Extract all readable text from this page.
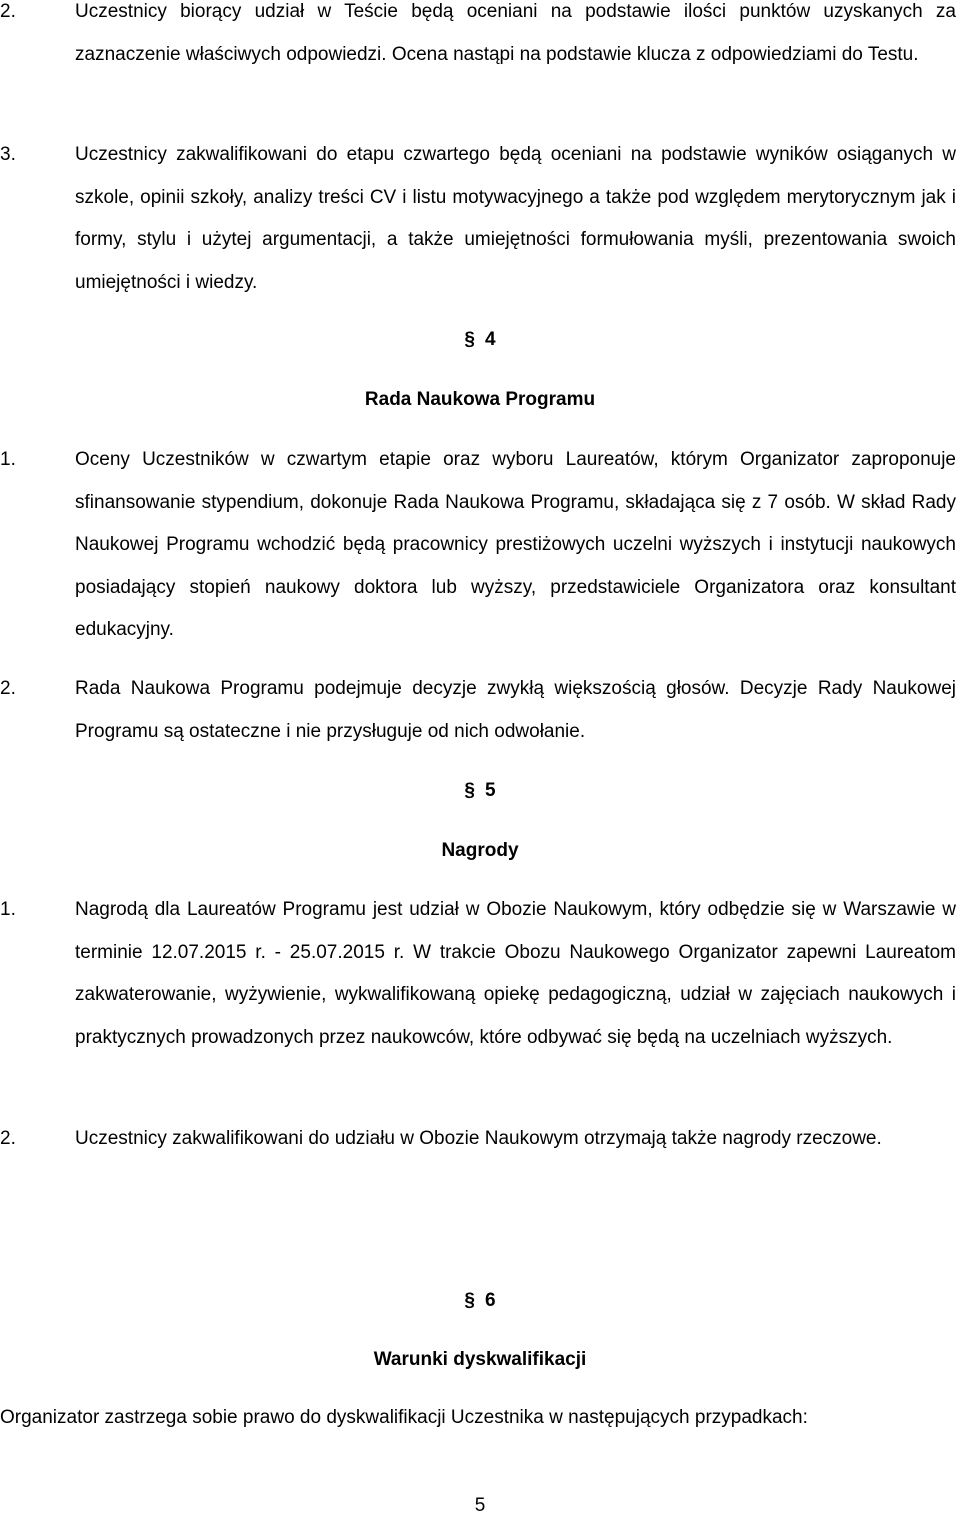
2.	Uczestnicy biorący udział w Teście będą oceniani na podstawie ilości punktów uzyskanych za zaznaczenie właściwych odpowiedzi. Ocena nastąpi na podstawie klucza z odpowiedziami do Testu.
3.	Uczestnicy zakwalifikowani do etapu czwartego będą oceniani na podstawie wyników osiąganych w szkole, opinii szkoły, analizy treści CV i listu motywacyjnego a także pod względem merytorycznym jak i formy, stylu i użytej argumentacji, a także umiejętności formułowania myśli, prezentowania swoich umiejętności i wiedzy.
§ 4
Rada Naukowa Programu
1.	Oceny Uczestników w czwartym etapie oraz wyboru Laureatów, którym Organizator zaproponuje sfinansowanie stypendium, dokonuje Rada Naukowa Programu, składająca się z 7 osób. W skład Rady Naukowej Programu wchodzić będą pracownicy prestiżowych uczelni wyższych i instytucji naukowych posiadający stopień naukowy doktora lub wyższy, przedstawiciele Organizatora oraz konsultant edukacyjny.
2.	Rada Naukowa Programu podejmuje decyzje zwykłą większością głosów. Decyzje Rady Naukowej Programu są ostateczne i nie przysługuje od nich odwołanie.
§ 5
Nagrody
1.	Nagrodą dla Laureatów Programu jest udział w Obozie Naukowym, który odbędzie się w Warszawie w terminie 12.07.2015 r. - 25.07.2015 r. W trakcie Obozu Naukowego Organizator zapewni Laureatom zakwaterowanie, wyżywienie, wykwalifikowaną opiekę pedagogiczną, udział w zajęciach naukowych i praktycznych prowadzonych przez naukowców, które odbywać się będą na uczelniach wyższych.
2.	Uczestnicy zakwalifikowani do udziału w Obozie Naukowym otrzymają także nagrody rzeczowe.
§ 6
Warunki dyskwalifikacji
Organizator zastrzega sobie prawo do dyskwalifikacji Uczestnika w następujących przypadkach:
5
